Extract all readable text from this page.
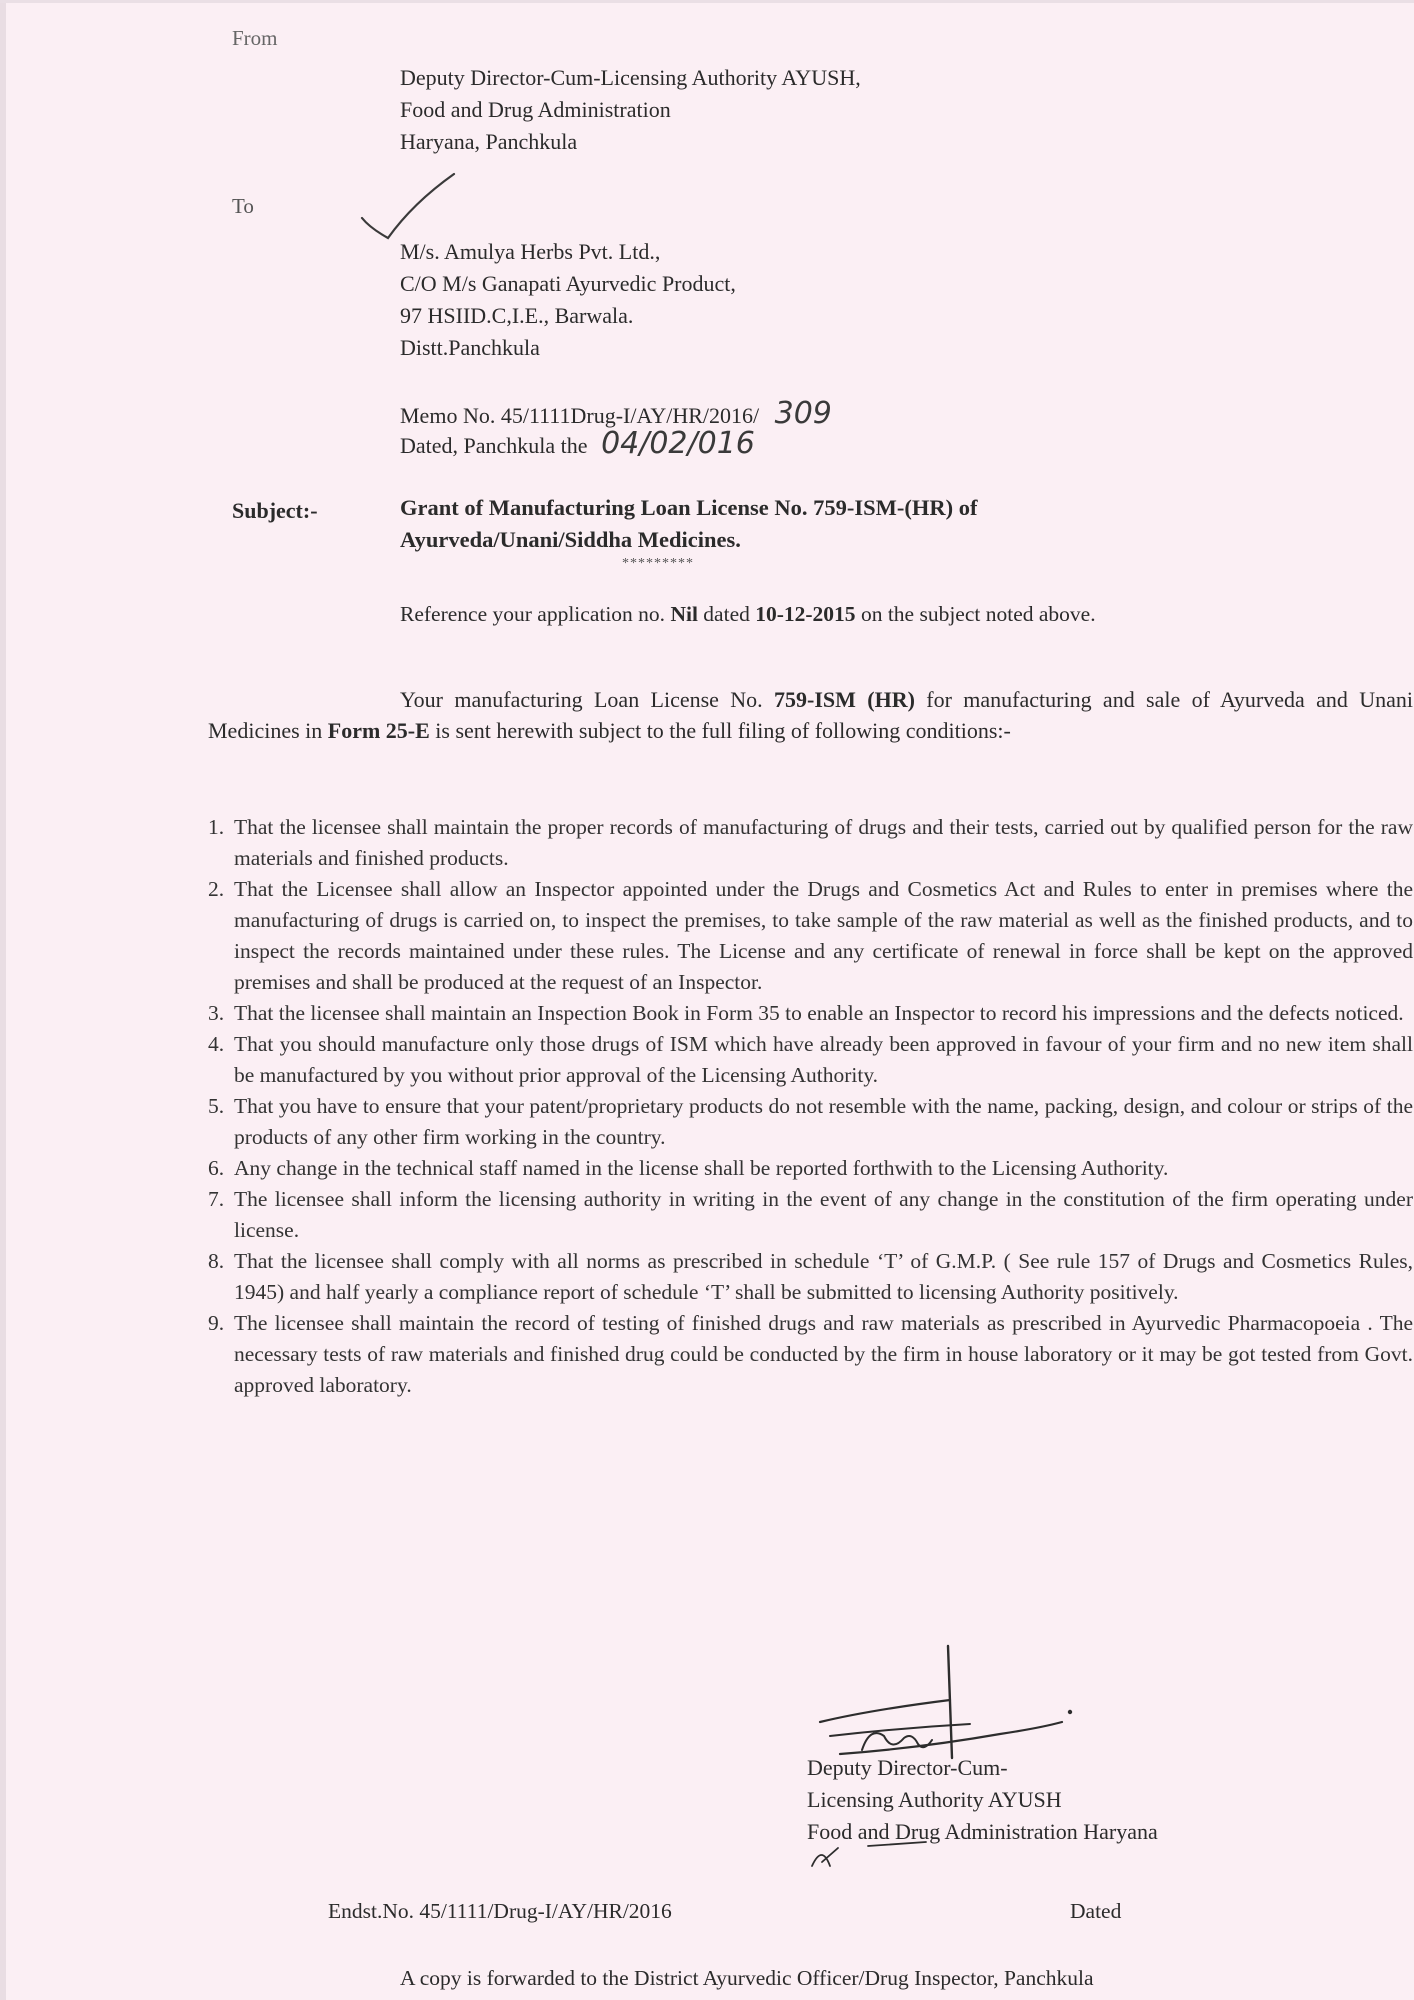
From
Deputy Director-Cum-Licensing Authority AYUSH,
Food and Drug Administration
Haryana, Panchkula
To
M/s. Amulya Herbs Pvt. Ltd.,
C/O M/s Ganapati Ayurvedic Product,
97 HSIID.C,I.E., Barwala.
Distt.Panchkula
Memo No. 45/1111Drug-I/AY/HR/2016/ 309
Dated, Panchkula the 04/02/016
Subject:-	Grant of Manufacturing Loan License No. 759-ISM-(HR) of
Ayurveda/Unani/Siddha Medicines.
*********
Reference your application no. Nil dated 10-12-2015 on the subject noted above.
Your manufacturing Loan License No. 759-ISM (HR) for manufacturing and sale of Ayurveda and Unani Medicines in Form 25-E is sent herewith subject to the full filing of following conditions:-
1. That the licensee shall maintain the proper records of manufacturing of drugs and their tests, carried out by qualified person for the raw materials and finished products.
2. That the Licensee shall allow an Inspector appointed under the Drugs and Cosmetics Act and Rules to enter in premises where the manufacturing of drugs is carried on, to inspect the premises, to take sample of the raw material as well as the finished products, and to inspect the records maintained under these rules. The License and any certificate of renewal in force shall be kept on the approved premises and shall be produced at the request of an Inspector.
3. That the licensee shall maintain an Inspection Book in Form 35 to enable an Inspector to record his impressions and the defects noticed.
4. That you should manufacture only those drugs of ISM which have already been approved in favour of your firm and no new item shall be manufactured by you without prior approval of the Licensing Authority.
5. That you have to ensure that your patent/proprietary products do not resemble with the name, packing, design, and colour or strips of the products of any other firm working in the country.
6. Any change in the technical staff named in the license shall be reported forthwith to the Licensing Authority.
7. The licensee shall inform the licensing authority in writing in the event of any change in the constitution of the firm operating under license.
8. That the licensee shall comply with all norms as prescribed in schedule ‘T’ of G.M.P. ( See rule 157 of Drugs and Cosmetics Rules, 1945) and half yearly a compliance report of schedule ‘T’ shall be submitted to licensing Authority positively.
9. The licensee shall maintain the record of testing of finished drugs and raw materials as prescribed in Ayurvedic Pharmacopoeia . The necessary tests of raw materials and finished drug could be conducted by the firm in house laboratory or it may be got tested from Govt. approved laboratory.
Deputy Director-Cum-
Licensing Authority AYUSH
Food and Drug Administration Haryana
Endst.No. 45/1111/Drug-I/AY/HR/2016	Dated
A copy is forwarded to the District Ayurvedic Officer/Drug Inspector, Panchkula
